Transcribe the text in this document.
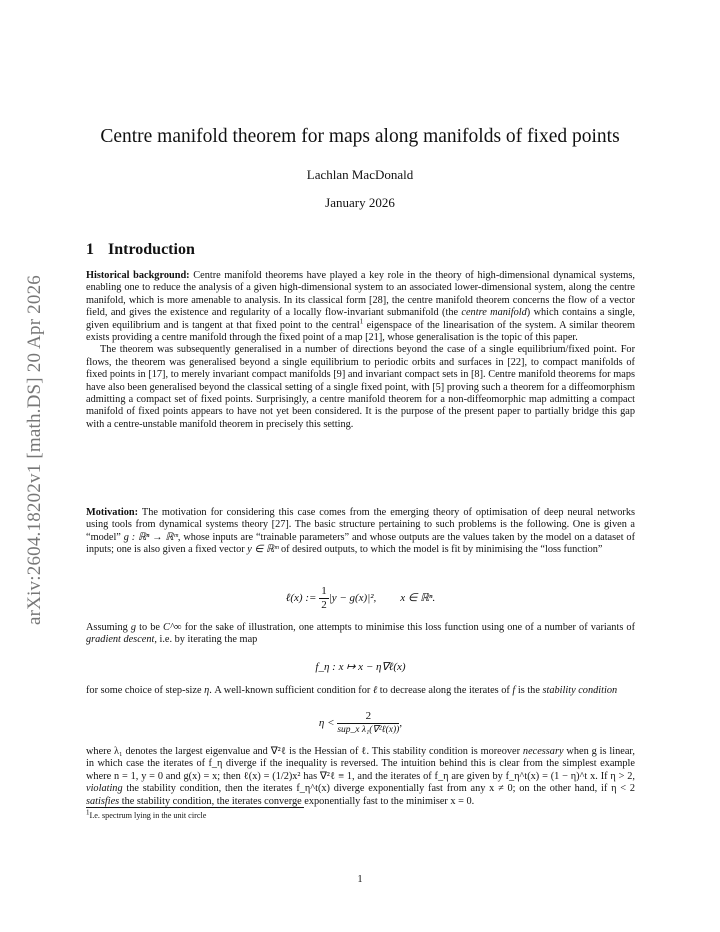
arXiv:2604.18202v1 [math.DS] 20 Apr 2026
Centre manifold theorem for maps along manifolds of fixed points
Lachlan MacDonald
January 2026
1 Introduction

Historical background: Centre manifold theorems have played a key role in the theory of high-dimensional dynamical systems, enabling one to reduce the analysis of a given high-dimensional system to an associated lower-dimensional system, along the centre manifold, which is more amenable to analysis. In its classical form [28], the centre manifold theorem concerns the flow of a vector field, and gives the existence and regularity of a locally flow-invariant submanifold (the centre manifold) which contains a single, given equilibrium and is tangent at that fixed point to the central$^1$ eigenspace of the linearisation of the system. A similar theorem exists providing a centre manifold through the fixed point of a map [21], whose generalisation is the topic of this paper.

The theorem was subsequently generalised in a number of directions beyond the case of a single equilibrium/fixed point. For flows, the theorem was generalised beyond a single equilibrium to periodic orbits and surfaces in [22], to compact manifolds of fixed points in [17], to merely invariant compact manifolds [9] and invariant compact sets in [8]. Centre manifold theorems for maps have also been generalised beyond the classical setting of a single fixed point, with [5] proving such a theorem for a diffeomorphism admitting a compact set of fixed points. Surprisingly, a centre manifold theorem for a non-diffeomorphic map admitting a compact manifold of fixed points appears to have not yet been considered. It is the purpose of the present paper to partially bridge this gap with a centre-unstable manifold theorem in precisely this setting.

Motivation: The motivation for considering this case comes from the emerging theory of optimisation of deep neural networks using tools from dynamical systems theory [27]. The basic structure pertaining to such problems is the following. One is given a “model” g : ℝⁿ → ℝᵐ, whose inputs are “trainable parameters” and whose outputs are the values taken by the model on a dataset of inputs; one is also given a fixed vector y ∈ ℝᵐ of desired outputs, to which the model is fit by minimising the “loss function”

ℓ(x) := $\frac{1}{2} |y - g(x)|^2$, x ∈ ℝⁿ.

Assuming g to be C^∞ for the sake of illustration, one attempts to minimise this loss function using one of a number of variants of gradient descent, i.e. by iterating the map

f_η : x ↦ x − η∇ℓ(x)

for some choice of step-size η. A well-known sufficient condition for ℓ to decrease along the iterates of f is the stability condition

$\eta < \frac{2}{\text{sup\_x λ₁(∇²ℓ(x))}}$ ,

where λ₁ denotes the largest eigenvalue and ∇²ℓ is the Hessian of ℓ. This stability condition is moreover necessary when g is linear, in which case the iterates of f_η diverge if the inequality is reversed. The intuition behind this is clear from the simplest example where n = 1, y = 0 and g(x) = x; then ℓ(x) = (1/2)x² has ∇²ℓ ≡ 1, and the iterates of f_η are given by f_η^t(x) = (1 − η)^t x. If η > 2, violating the stability condition, then the iterates f_η^t(x) diverge exponentially fast from any x ≠ 0; on the other hand, if η < 2 satisfies the stability condition, the iterates converge exponentially fast to the minimiser x = 0.

$^1$I.e. spectrum lying in the unit circle
1
